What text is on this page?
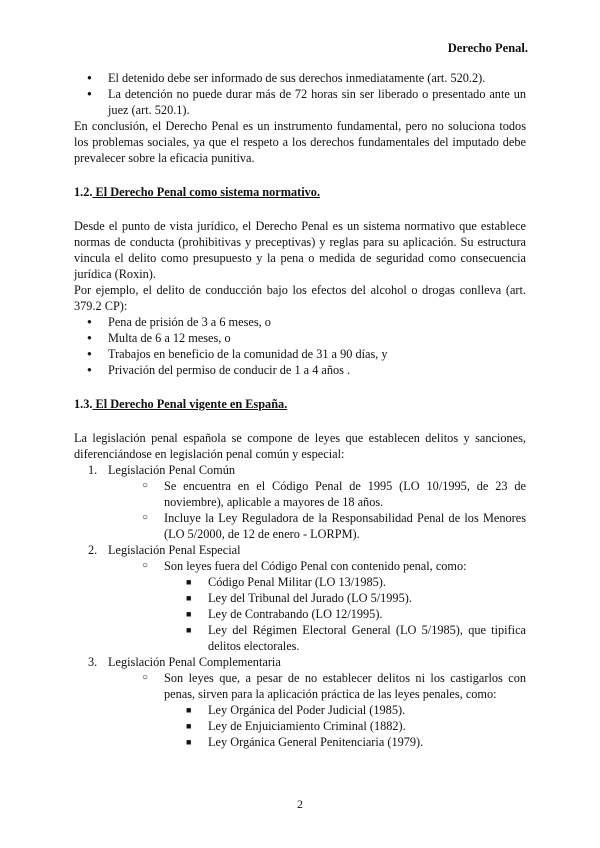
Derecho Penal.
● El detenido debe ser informado de sus derechos inmediatamente (art. 520.2).
● La detención no puede durar más de 72 horas sin ser liberado o presentado ante un juez (art. 520.1).

En conclusión, el Derecho Penal es un instrumento fundamental, pero no soluciona todos los problemas sociales, ya que el respeto a los derechos fundamentales del imputado debe prevalecer sobre la eficacia punitiva.

1.2. El Derecho Penal como sistema normativo.

Desde el punto de vista jurídico, el Derecho Penal es un sistema normativo que establece normas de conducta (prohibitivas y preceptivas) y reglas para su aplicación. Su estructura vincula el delito como presupuesto y la pena o medida de seguridad como consecuencia jurídica (Roxin).

Por ejemplo, el delito de conducción bajo los efectos del alcohol o drogas conlleva (art. 379.2 CP):

● Pena de prisión de 3 a 6 meses, o
● Multa de 6 a 12 meses, o
● Trabajos en beneficio de la comunidad de 31 a 90 días, y
● Privación del permiso de conducir de 1 a 4 años .
1.3. El Derecho Penal vigente en España.

La legislación penal española se compone de leyes que establecen delitos y sanciones, diferenciándose en legislación penal común y especial:

1. Legislación Penal Común
○ Se encuentra en el Código Penal de 1995 (LO 10/1995, de 23 de noviembre), aplicable a mayores de 18 años.
○ Incluye la Ley Reguladora de la Responsabilidad Penal de los Menores (LO 5/2000, de 12 de enero - LORPM).
2. Legislación Penal Especial
○ Son leyes fuera del Código Penal con contenido penal, como:
■ Código Penal Militar (LO 13/1985).
■ Ley del Tribunal del Jurado (LO 5/1995).
■ Ley de Contrabando (LO 12/1995).
■ Ley del Régimen Electoral General (LO 5/1985), que tipifica delitos electorales.
3. Legislación Penal Complementaria
○ Son leyes que, a pesar de no establecer delitos ni los castigarlos con penas, sirven para la aplicación práctica de las leyes penales, como:
■ Ley Orgánica del Poder Judicial (1985).
■ Ley de Enjuiciamiento Criminal (1882).
■ Ley Orgánica General Penitenciaria (1979).
2
